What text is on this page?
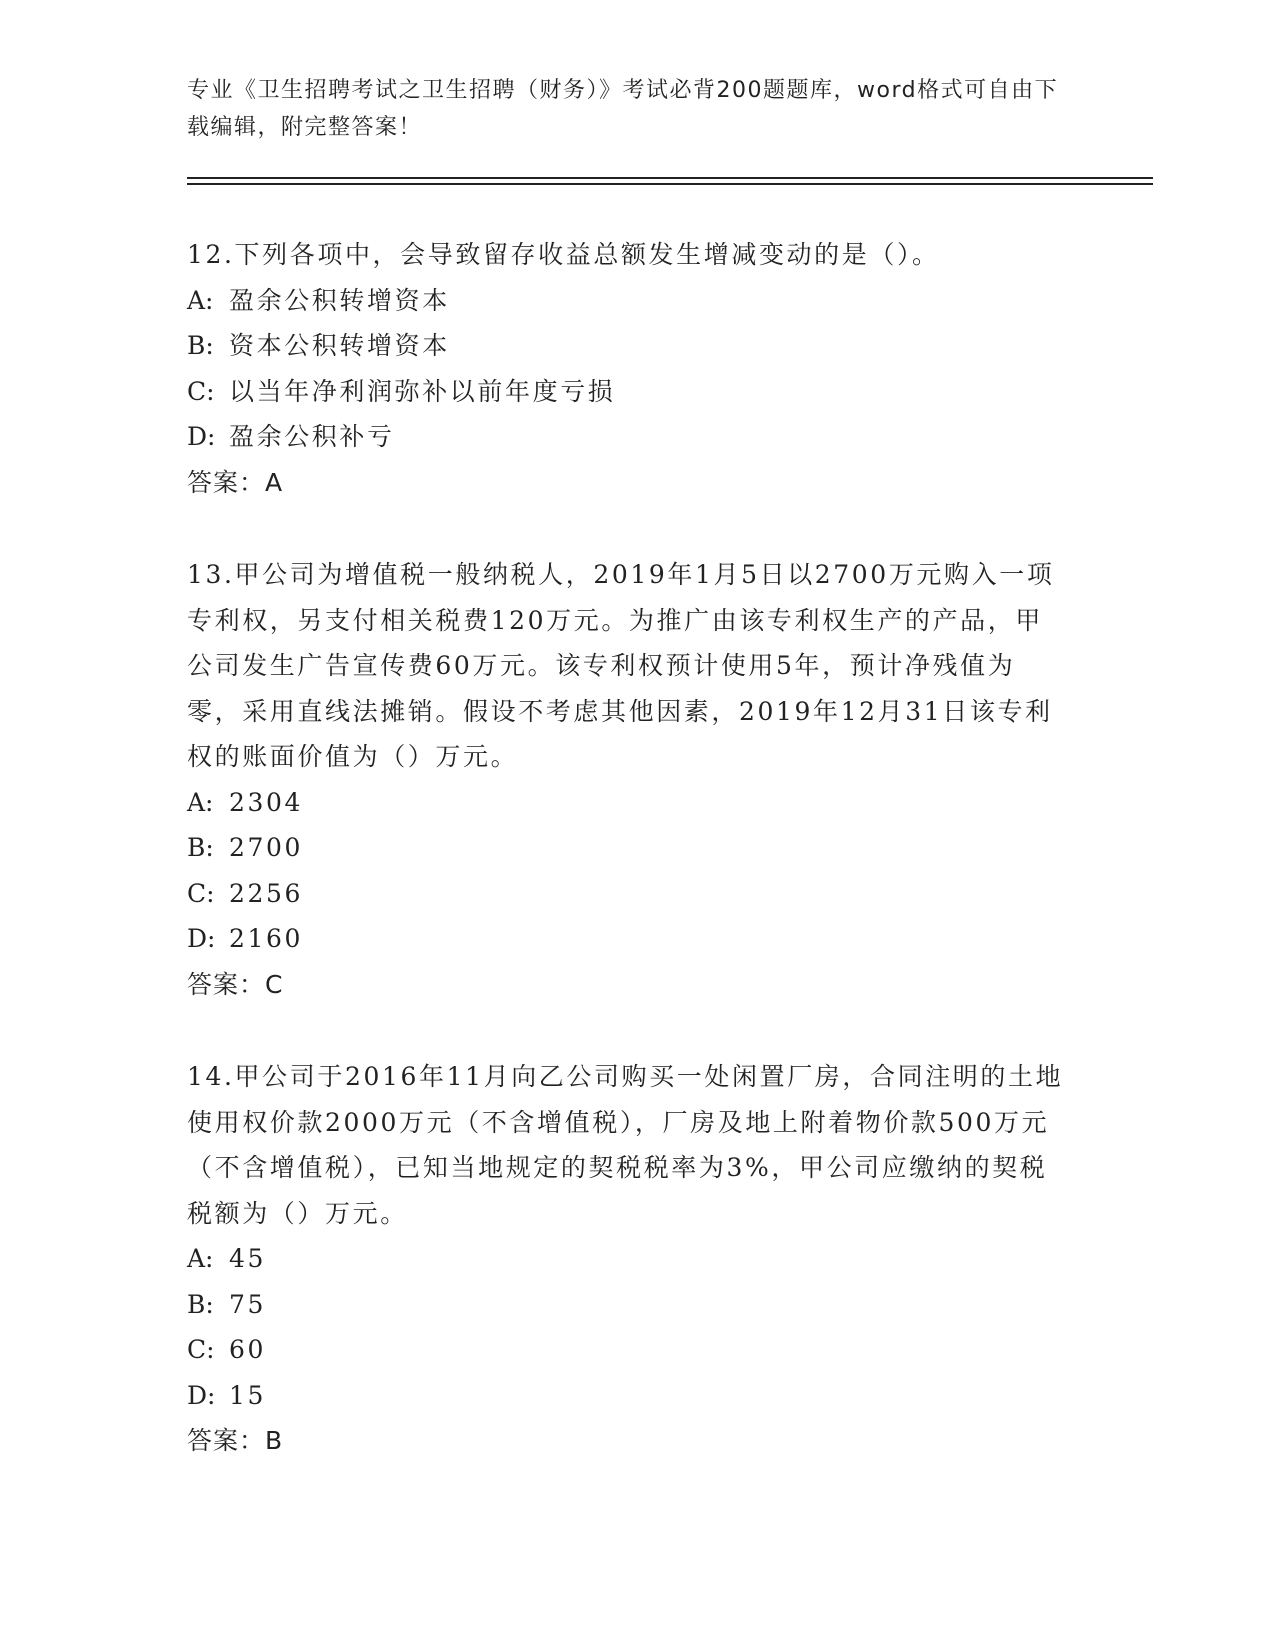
专业《卫生招聘考试之卫生招聘（财务）》考试必背200题题库，word格式可自由下载编辑，附完整答案！

12.下列各项中，会导致留存收益总额发生增减变动的是（）。

A: 盈余公积转增资本
B: 资本公积转增资本
C: 以当年净利润弥补以前年度亏损
D: 盈余公积补亏
答案：A

13.甲公司为增值税一般纳税人，2019年1月5日以2700万元购入一项专利权，另支付相关税费120万元。为推广由该专利权生产的产品，甲公司发生广告宣传费60万元。该专利权预计使用5年，预计净残值为零，采用直线法摊销。假设不考虑其他因素，2019年12月31日该专利权的账面价值为（）万元。

A: 2304
B: 2700
C: 2256
D: 2160
答案：C

14.甲公司于2016年11月向乙公司购买一处闲置厂房，合同注明的土地使用权价款2000万元（不含增值税），厂房及地上附着物价款500万元（不含增值税），已知当地规定的契税税率为3%，甲公司应缴纳的契税税额为（）万元。

A: 45
B: 75
C: 60
D: 15
答案：B
